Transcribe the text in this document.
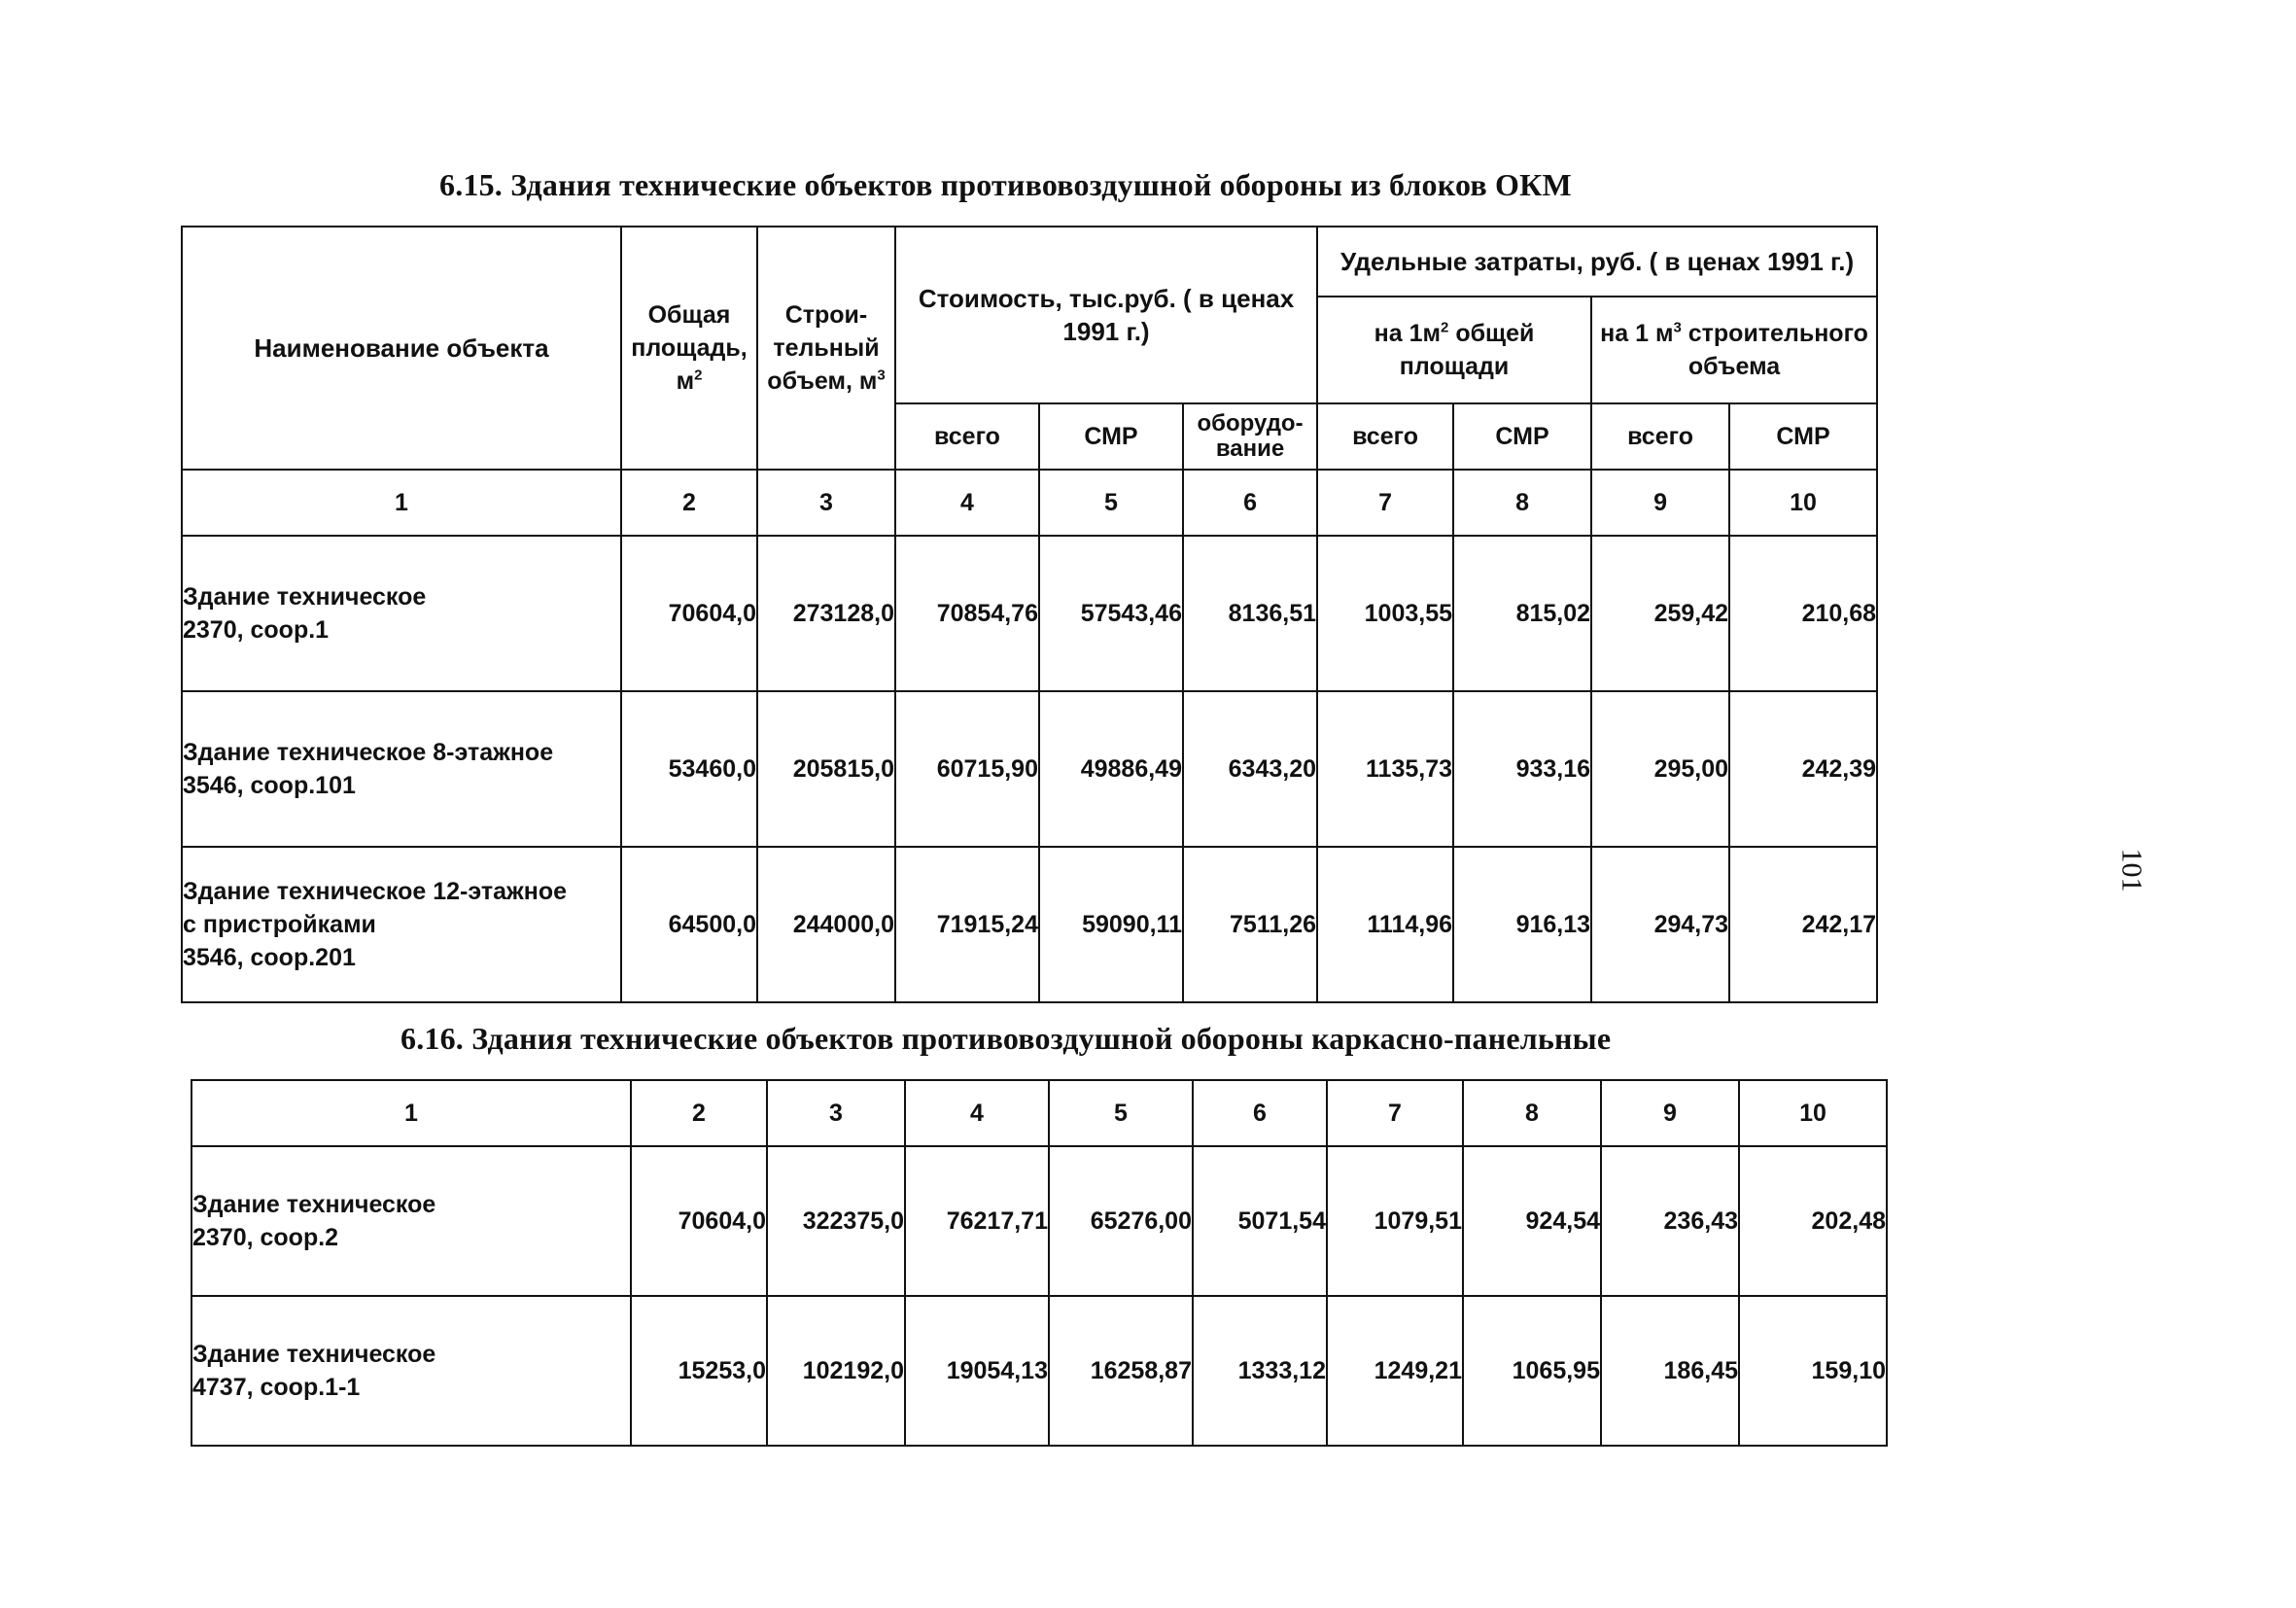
6.15. Здания технические объектов противовоздушной обороны из блоков ОКМ
Наименование объекта	Общая площадь, $м^2$	Строи-тельный объем, $м^3$	Стоимость, тыс.руб. ( в ценах 1991 г.)			Удельные затраты, руб. ( в ценах 1991 г.)			
						на $1м^2$ общей площади		на 1 $м^3$ строительного объема	
			всего	СМР	оборудо-вание	всего	СМР	всего	СМР
1	2	3	4	5	6	7	8	9	10

Здание техническое
2370, соор.1	70604,0	273128,0	70854,76	57543,46	8136,51	1003,55	815,02	259,42	210,68

Здание техническое 8-этажное
3546, соор.101	53460,0	205815,0	60715,90	49886,49	6343,20	1135,73	933,16	295,00	242,39

Здание техническое 12-этажное
с пристройками
3546, соор.201	64500,0	244000,0	71915,24	59090,11	7511,26	1114,96	916,13	294,73	242,17
6.16. Здания технические объектов противовоздушной обороны каркасно-панельные
1	2	3	4	5	6	7	8	9	10

Здание техническое
2370, соор.2	70604,0	322375,0	76217,71	65276,00	5071,54	1079,51	924,54	236,43	202,48

Здание техническое
4737, соор.1-1	15253,0	102192,0	19054,13	16258,87	1333,12	1249,21	1065,95	186,45	159,10
101
